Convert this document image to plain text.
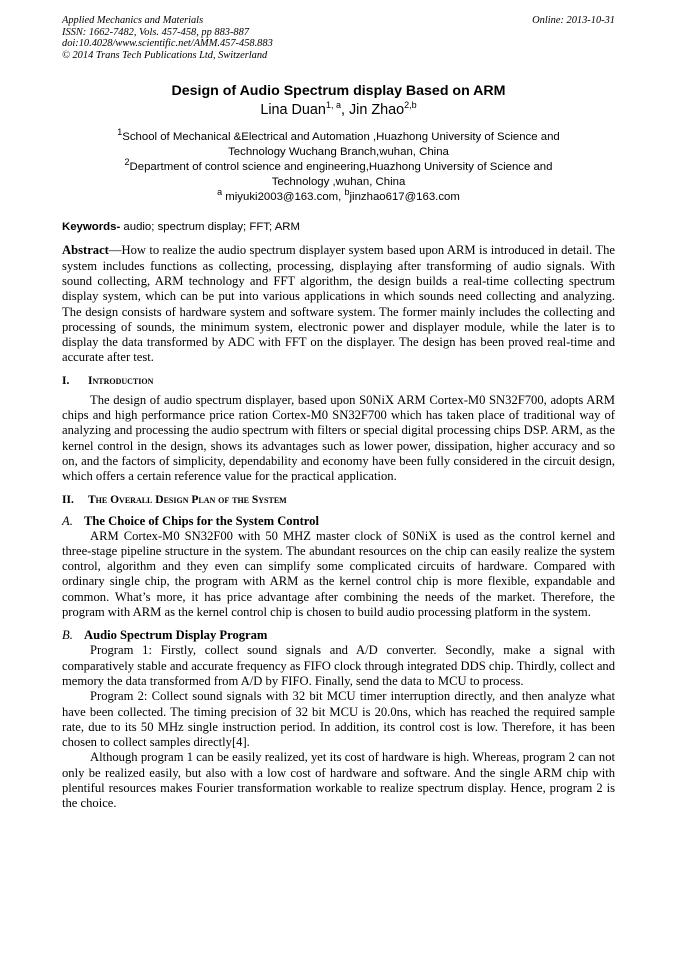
Applied Mechanics and Materials	Online: 2013-10-31
ISSN: 1662-7482, Vols. 457-458, pp 883-887
doi:10.4028/www.scientific.net/AMM.457-458.883
© 2014 Trans Tech Publications Ltd, Switzerland
Design of Audio Spectrum display Based on ARM
Lina Duan$^{1, a}$, Jin Zhao$^{2,b}$
$^1$School of Mechanical &Electrical and Automation ,Huazhong University of Science and
Technology Wuchang Branch,wuhan, China
$^2$Department of control science and engineering,Huazhong University of Science and
Technology ,wuhan, China
$^a$ miyuki2003@163.com, $^b$jinzhao617@163.com
Keywords- audio; spectrum display; FFT; ARM

Abstract—How to realize the audio spectrum displayer system based upon ARM is introduced in detail. The system includes functions as collecting, processing, displaying after transforming of audio signals. With sound collecting, ARM technology and FFT algorithm, the design builds a real-time collecting spectrum display system, which can be put into various applications in which sounds need collecting and analyzing. The design consists of hardware system and software system. The former mainly includes the collecting and processing of sounds, the minimum system, electronic power and displayer module, while the later is to display the data transformed by ADC with FFT on the displayer. The design has been proved real-time and accurate after test.

I.	Introduction

The design of audio spectrum displayer, based upon S0NiX ARM Cortex-M0 SN32F700, adopts ARM chips and high performance price ration Cortex-M0 SN32F700 which has taken place of traditional way of analyzing and processing the audio spectrum with filters or special digital processing chips DSP. ARM, as the kernel control in the design, shows its advantages such as lower power, dissipation, higher accuracy and so on, and the factors of simplicity, dependability and economy have been fully considered in the circuit design, which offers a certain reference value for the practical application.

II.	The Overall Design Plan of the System
A. The Choice of Chips for the System Control

ARM Cortex-M0 SN32F00 with 50 MHZ master clock of S0NiX is used as the control kernel and three-stage pipeline structure in the system. The abundant resources on the chip can easily realize the system control, algorithm and they even can simplify some complicated circuits of hardware. Compared with ordinary single chip, the program with ARM as the kernel control chip is more flexible, expandable and common. What’s more, it has price advantage after combining the needs of the market. Therefore, the program with ARM as the kernel control chip is chosen to build audio processing platform in the system.

B. Audio Spectrum Display Program

Program 1: Firstly, collect sound signals and A/D converter. Secondly, make a signal with comparatively stable and accurate frequency as FIFO clock through integrated DDS chip. Thirdly, collect and memory the data transformed from A/D by FIFO. Finally, send the data to MCU to process.

Program 2: Collect sound signals with 32 bit MCU timer interruption directly, and then analyze what have been collected. The timing precision of 32 bit MCU is 20.0ns, which has reached the required sample rate, due to its 50 MHz single instruction period. In addition, its control cost is low. Therefore, it has been chosen to collect samples directly[4].

Although program 1 can be easily realized, yet its cost of hardware is high. Whereas, program 2 can not only be realized easily, but also with a low cost of hardware and software. And the single ARM chip with plentiful resources makes Fourier transformation workable to realize spectrum display. Hence, program 2 is the choice.
